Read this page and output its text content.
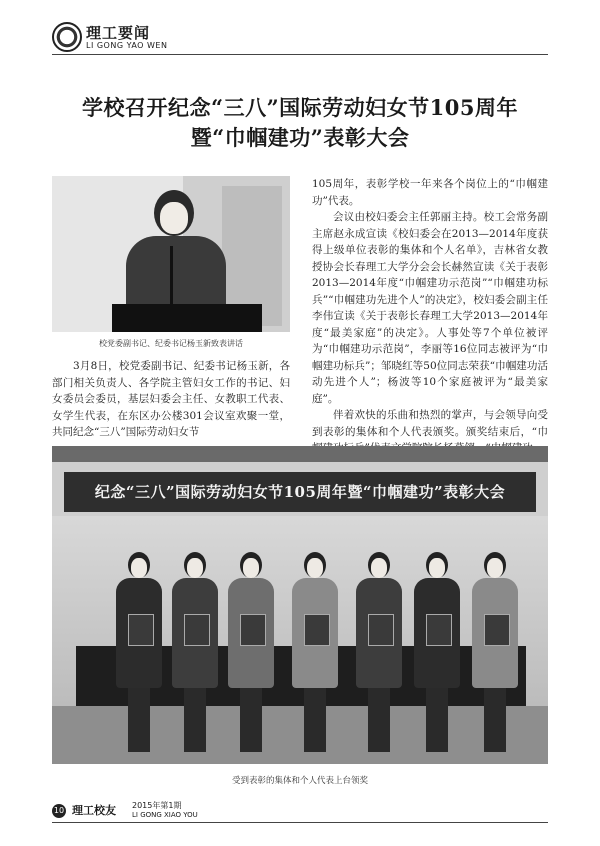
理工要闻
LI GONG YAO WEN
学校召开纪念“三八”国际劳动妇女节105周年
暨“巾帼建功”表彰大会
校党委副书记、纪委书记杨玉新致表讲话

3月8日，校党委副书记、纪委书记杨玉新，各部门相关负责人、各学院主管妇女工作的书记、妇女委员会委员，基层妇委会主任、女教职工代表、女学生代表，在东区办公楼301会议室欢聚一堂，共同纪念“三八”国际劳动妇女节

105周年，表彰学校一年来各个岗位上的“巾帼建功”代表。

会议由校妇委会主任郭丽主持。校工会常务副主席赵永成宣读《校妇委会在2013—2014年度获得上级单位表彰的集体和个人名单》，吉林省女教授协会长春理工大学分会会长赫然宣读《关于表彰2013—2014年度“巾帼建功示范岗”“巾帼建功标兵”“巾帼建功先进个人”的决定》，校妇委会副主任李伟宣读《关于表彰长春理工大学2013—2014年度“最美家庭”的决定》。人事处等7个单位被评为“巾帼建功示范岗”，李丽等16位同志被评为“巾帼建功标兵”；邹晓红等50位同志荣获“巾帼建功活动先进个人”；杨波等10个家庭被评为“最美家庭”。

伴着欢快的乐曲和热烈的掌声，与会领导向受到表彰的集体和个人代表颁奖。颁奖结束后，“巾

纪念“三八”国际劳动妇女节105周年暨“巾帼建功”表彰大会
受到表彰的集体和个人代表上台领奖
10 理工校友 2015年第1期
LI GONG XIAO YOU
